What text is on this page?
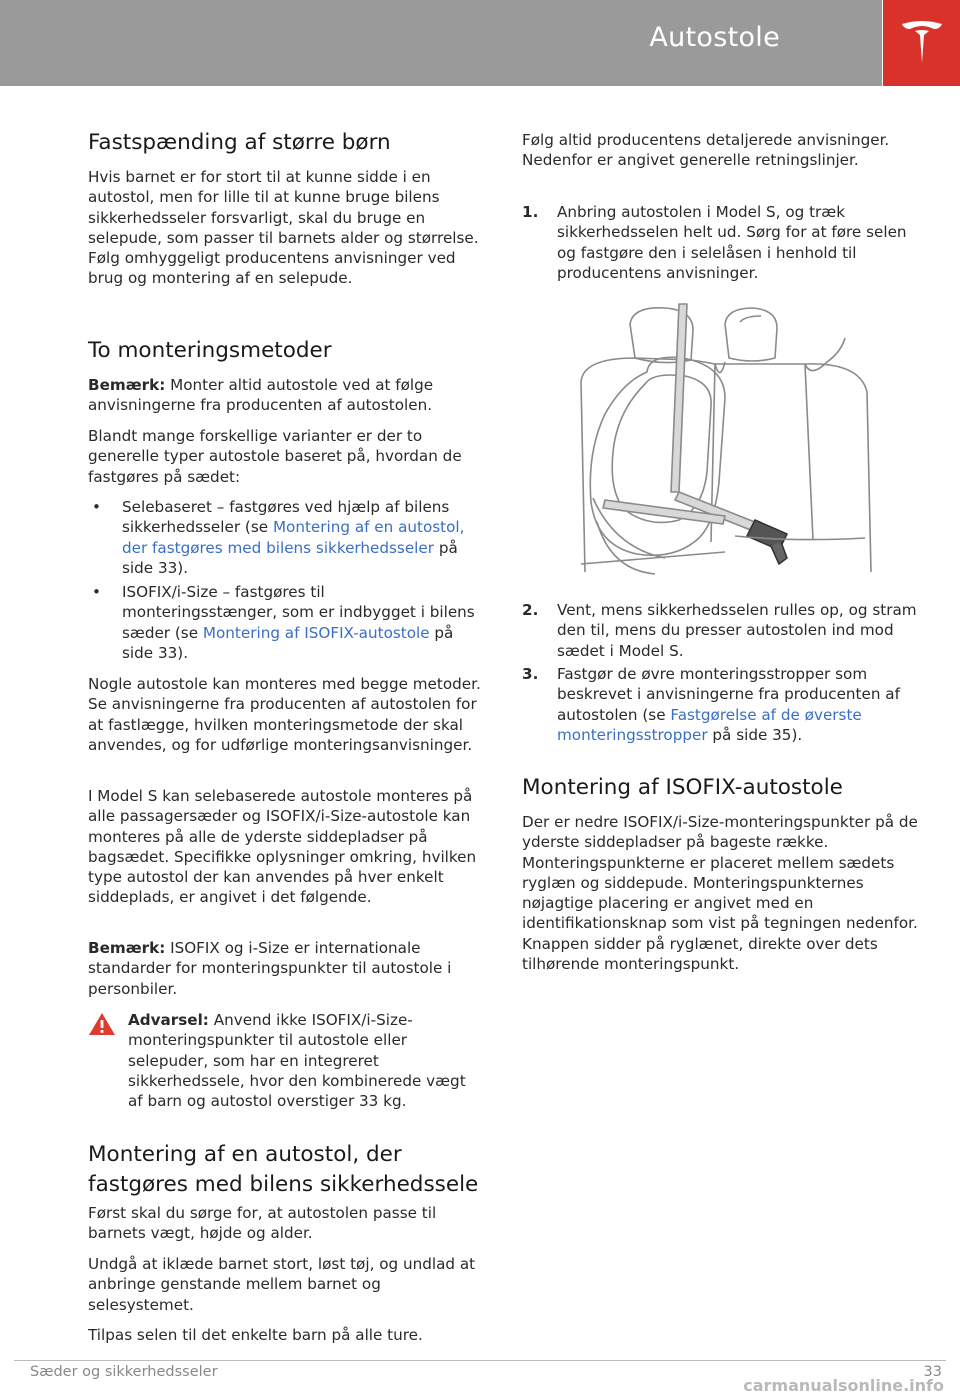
Autostole
Fastspænding af større børn

Hvis barnet er for stort til at kunne sidde i en autostol, men for lille til at kunne bruge bilens sikkerhedsseler forsvarligt, skal du bruge en selepude, som passer til barnets alder og størrelse. Følg omhyggeligt producentens anvisninger ved brug og montering af en selepude.

To monteringsmetoder

Bemærk: Monter altid autostole ved at følge anvisningerne fra producenten af autostolen.

Blandt mange forskellige varianter er der to generelle typer autostole baseret på, hvordan de fastgøres på sædet:

• Selebaseret – fastgøres ved hjælp af bilens sikkerhedsseler (se Montering af en autostol, der fastgøres med bilens sikkerhedsseler på side 33).
• ISOFIX/i-Size – fastgøres til monteringsstænger, som er indbygget i bilens sæder (se Montering af ISOFIX-autostole på side 33).

Nogle autostole kan monteres med begge metoder. Se anvisningerne fra producenten af autostolen for at fastlægge, hvilken monteringsmetode der skal anvendes, og for udførlige monteringsanvisninger.

I Model S kan selebaserede autostole monteres på alle passagersæder og ISOFIX/i-Size-autostole kan monteres på alle de yderste siddepladser på bagsædet. Specifikke oplysninger omkring, hvilken type autostol der kan anvendes på hver enkelt siddeplads, er angivet i det følgende.

Bemærk: ISOFIX og i-Size er internationale standarder for monteringspunkter til autostole i personbiler.

Advarsel: Anvend ikke ISOFIX/i-Size-monteringspunkter til autostole eller selepuder, som har en integreret sikkerhedssele, hvor den kombinerede vægt af barn og autostol overstiger 33 kg.
Montering af en autostol, der fastgøres med bilens sikkerhedssele

Først skal du sørge for, at autostolen passe til barnets vægt, højde og alder.

Undgå at iklæde barnet stort, løst tøj, og undlad at anbringe genstande mellem barnet og selesystemet.

Tilpas selen til det enkelte barn på alle ture.

Følg altid producentens detaljerede anvisninger. Nedenfor er angivet generelle retningslinjer.

1. Anbring autostolen i Model S, og træk sikkerhedsselen helt ud. Sørg for at føre selen og fastgøre den i selelåsen i henhold til producentens anvisninger.
2. Vent, mens sikkerhedsselen rulles op, og stram den til, mens du presser autostolen ind mod sædet i Model S.
3. Fastgør de øvre monteringsstropper som beskrevet i anvisningerne fra producenten af autostolen (se Fastgørelse af de øverste monteringsstropper på side 35).
Montering af ISOFIX-autostole

Der er nedre ISOFIX/i-Size-monteringspunkter på de yderste siddepladser på bageste række. Monteringspunkterne er placeret mellem sædets ryglæn og siddepude. Monteringspunkternes nøjagtige placering er angivet med en identifikationsknap som vist på tegningen nedenfor. Knappen sidder på ryglænet, direkte over dets tilhørende monteringspunkt.

Sæder og sikkerhedsseler	33
carmanualsonline.info
